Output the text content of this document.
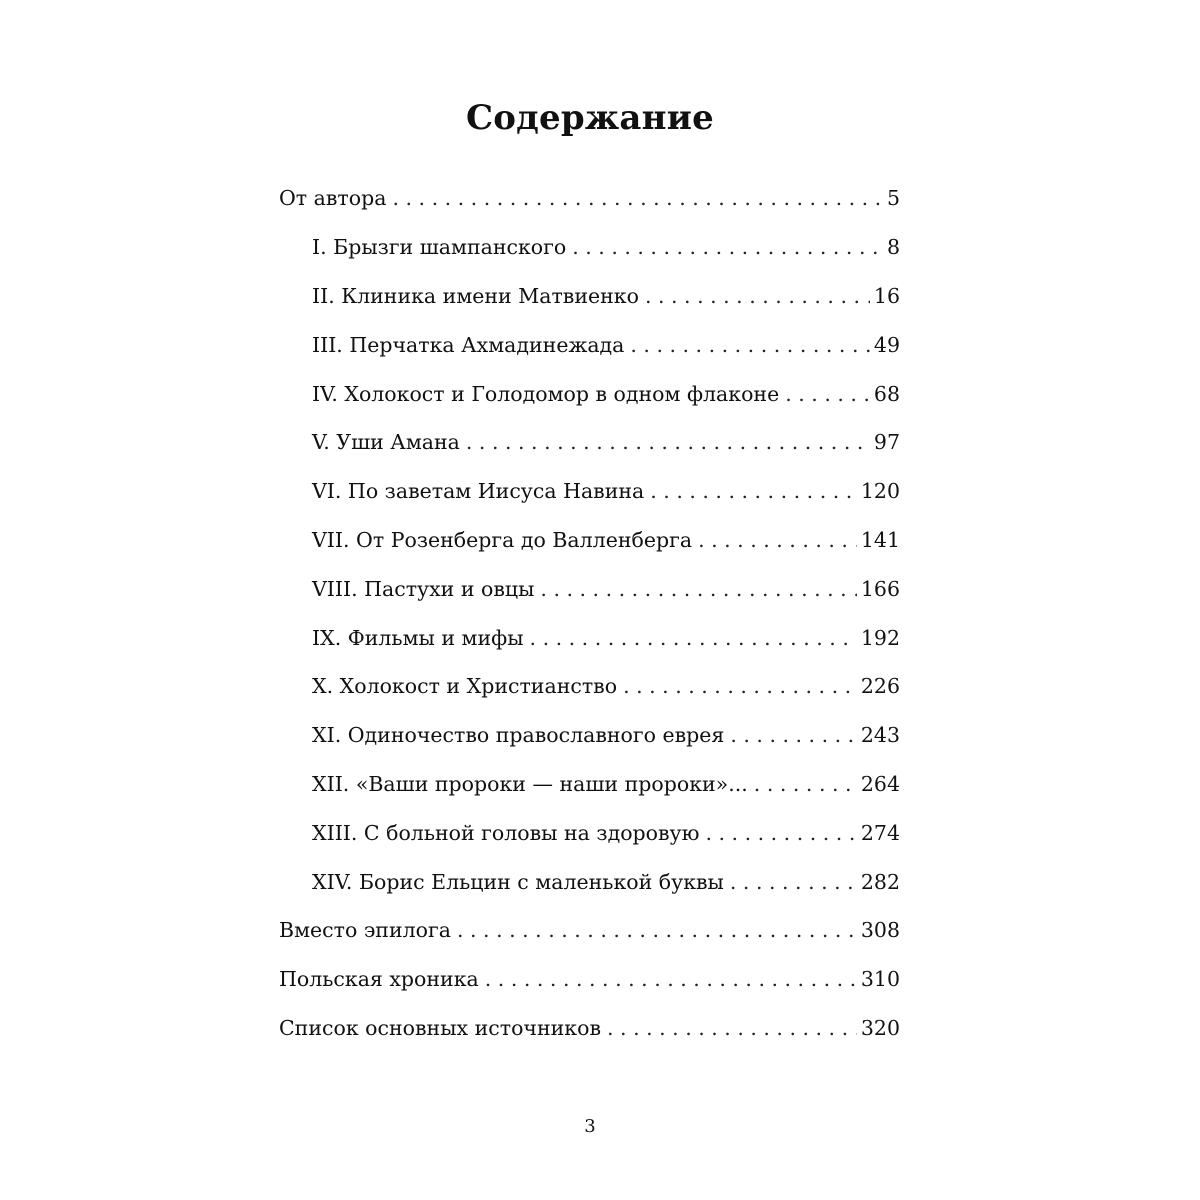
Содержание
От автора . . .	5
I. Брызги шампанского . . .	8
II. Клиника имени Матвиенко . . .	16
III. Перчатка Ахмадинежада . . .	49
IV. Холокост и Голодомор в одном флаконе . . .	68
V. Уши Амана . . .	97
VI. По заветам Иисуса Навина . . .	120
VII. От Розенберга до Валленберга . . .	141
VIII. Пастухи и овцы . . .	166
IX. Фильмы и мифы . . .	192
X. Холокост и Христианство . . .	226
XI. Одиночество православного еврея . . .	243
XII. «Ваши пророки — наши пророки»... . . .	264
XIII. С больной головы на здоровую . . .	274
XIV. Борис Ельцин с маленькой буквы . . .	282
Вместо эпилога . . .	308
Польская хроника . . .	310
Список основных источников . . .	320
3
